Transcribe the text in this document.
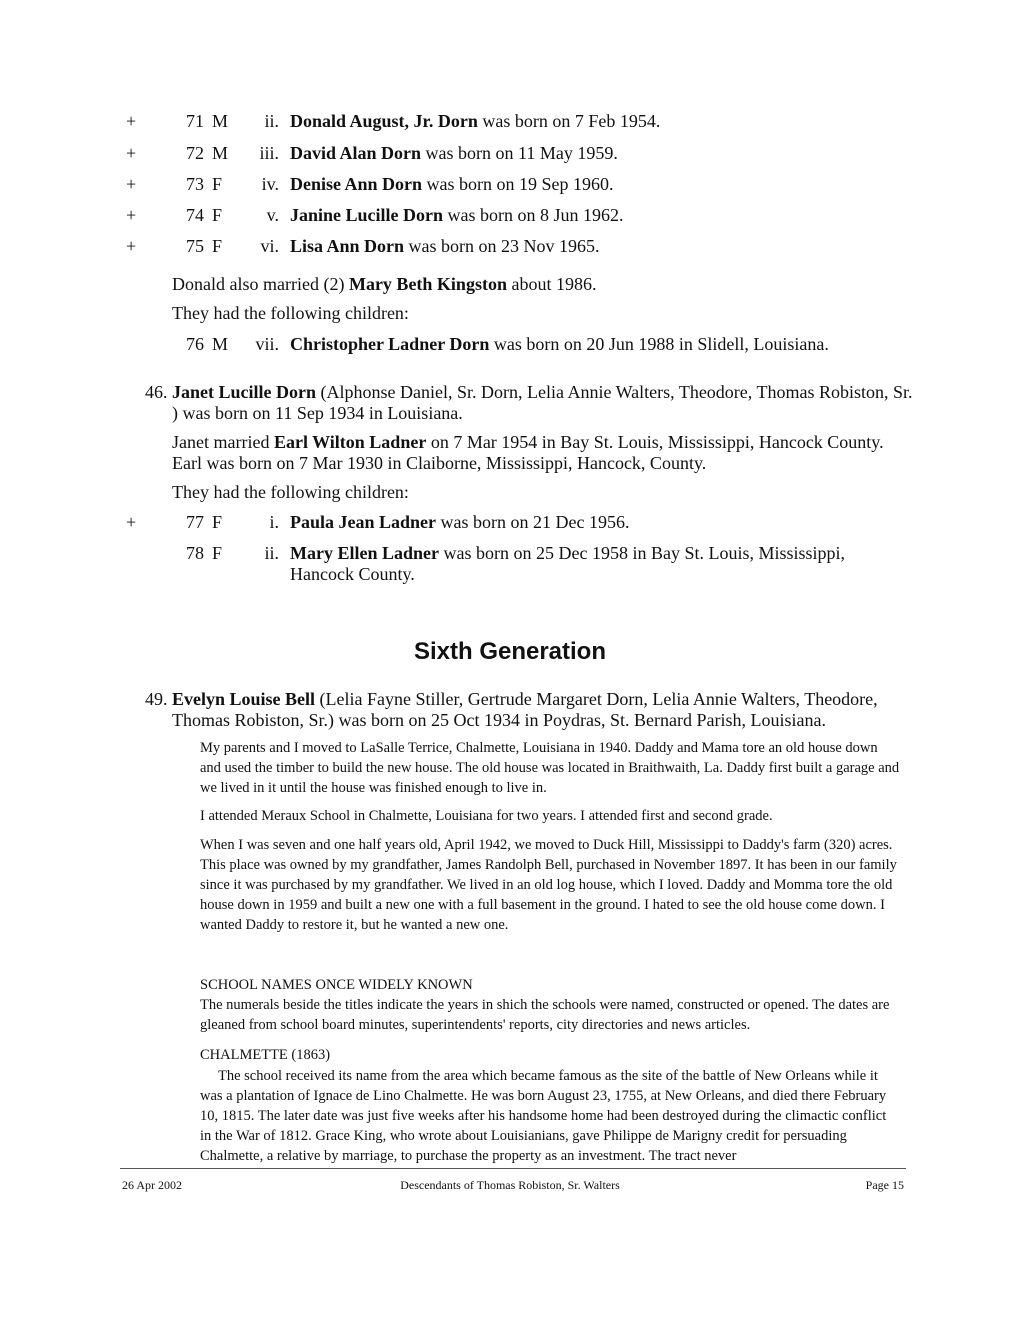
+	71 M	ii. Donald August, Jr. Dorn was born on 7 Feb 1954.
+	72 M	iii. David Alan Dorn was born on 11 May 1959.
+	73 F	iv. Denise Ann Dorn was born on 19 Sep 1960.
+	74 F	v. Janine Lucille Dorn was born on 8 Jun 1962.
+	75 F	vi. Lisa Ann Dorn was born on 23 Nov 1965.
Donald also married (2) Mary Beth Kingston about 1986.
They had the following children:
76 M	vii. Christopher Ladner Dorn was born on 20 Jun 1988 in Slidell, Louisiana.
46. Janet Lucille Dorn (Alphonse Daniel, Sr. Dorn, Lelia Annie Walters, Theodore, Thomas Robiston, Sr.
) was born on 11 Sep 1934 in Louisiana.
Janet married Earl Wilton Ladner on 7 Mar 1954 in Bay St. Louis, Mississippi, Hancock County.
Earl was born on 7 Mar 1930 in Claiborne, Mississippi, Hancock, County.
They had the following children:
+	77 F	i. Paula Jean Ladner was born on 21 Dec 1956.
78 F	ii. Mary Ellen Ladner was born on 25 Dec 1958 in Bay St. Louis, Mississippi,
Hancock County.
Sixth Generation
49. Evelyn Louise Bell (Lelia Fayne Stiller, Gertrude Margaret Dorn, Lelia Annie Walters, Theodore,
Thomas Robiston, Sr.) was born on 25 Oct 1934 in Poydras, St. Bernard Parish, Louisiana.
My parents and I moved to LaSalle Terrice, Chalmette, Louisiana in 1940. Daddy and Mama tore an old house down and used the timber to build the new house. The old house was located in Braithwaith, La. Daddy first built a garage and we lived in it until the house was finished enough to live in.
I attended Meraux School in Chalmette, Louisiana for two years. I attended first and second grade.
When I was seven and one half years old, April 1942, we moved to Duck Hill, Mississippi to Daddy's farm (320) acres. This place was owned by my grandfather, James Randolph Bell, purchased in November 1897. It has been in our family since it was purchased by my grandfather. We lived in an old log house, which I loved. Daddy and Momma tore the old house down in 1959 and built a new one with a full basement in the ground. I hated to see the old house come down. I wanted Daddy to restore it, but he wanted a new one.
SCHOOL NAMES ONCE WIDELY KNOWN
The numerals beside the titles indicate the years in shich the schools were named, constructed or opened. The dates are gleaned from school board minutes, superintendents' reports, city directories and news articles.
CHALMETTE (1863)
The school received its name from the area which became famous as the site of the battle of New Orleans while it was a plantation of Ignace de Lino Chalmette. He was born August 23, 1755, at New Orleans, and died there February 10, 1815. The later date was just five weeks after his handsome home had been destroyed during the climactic conflict in the War of 1812. Grace King, who wrote about Louisianians, gave Philippe de Marigny credit for persuading Chalmette, a relative by marriage, to purchase the property as an investment. The tract never
26 Apr 2002	Descendants of Thomas Robiston, Sr. Walters	Page 15
